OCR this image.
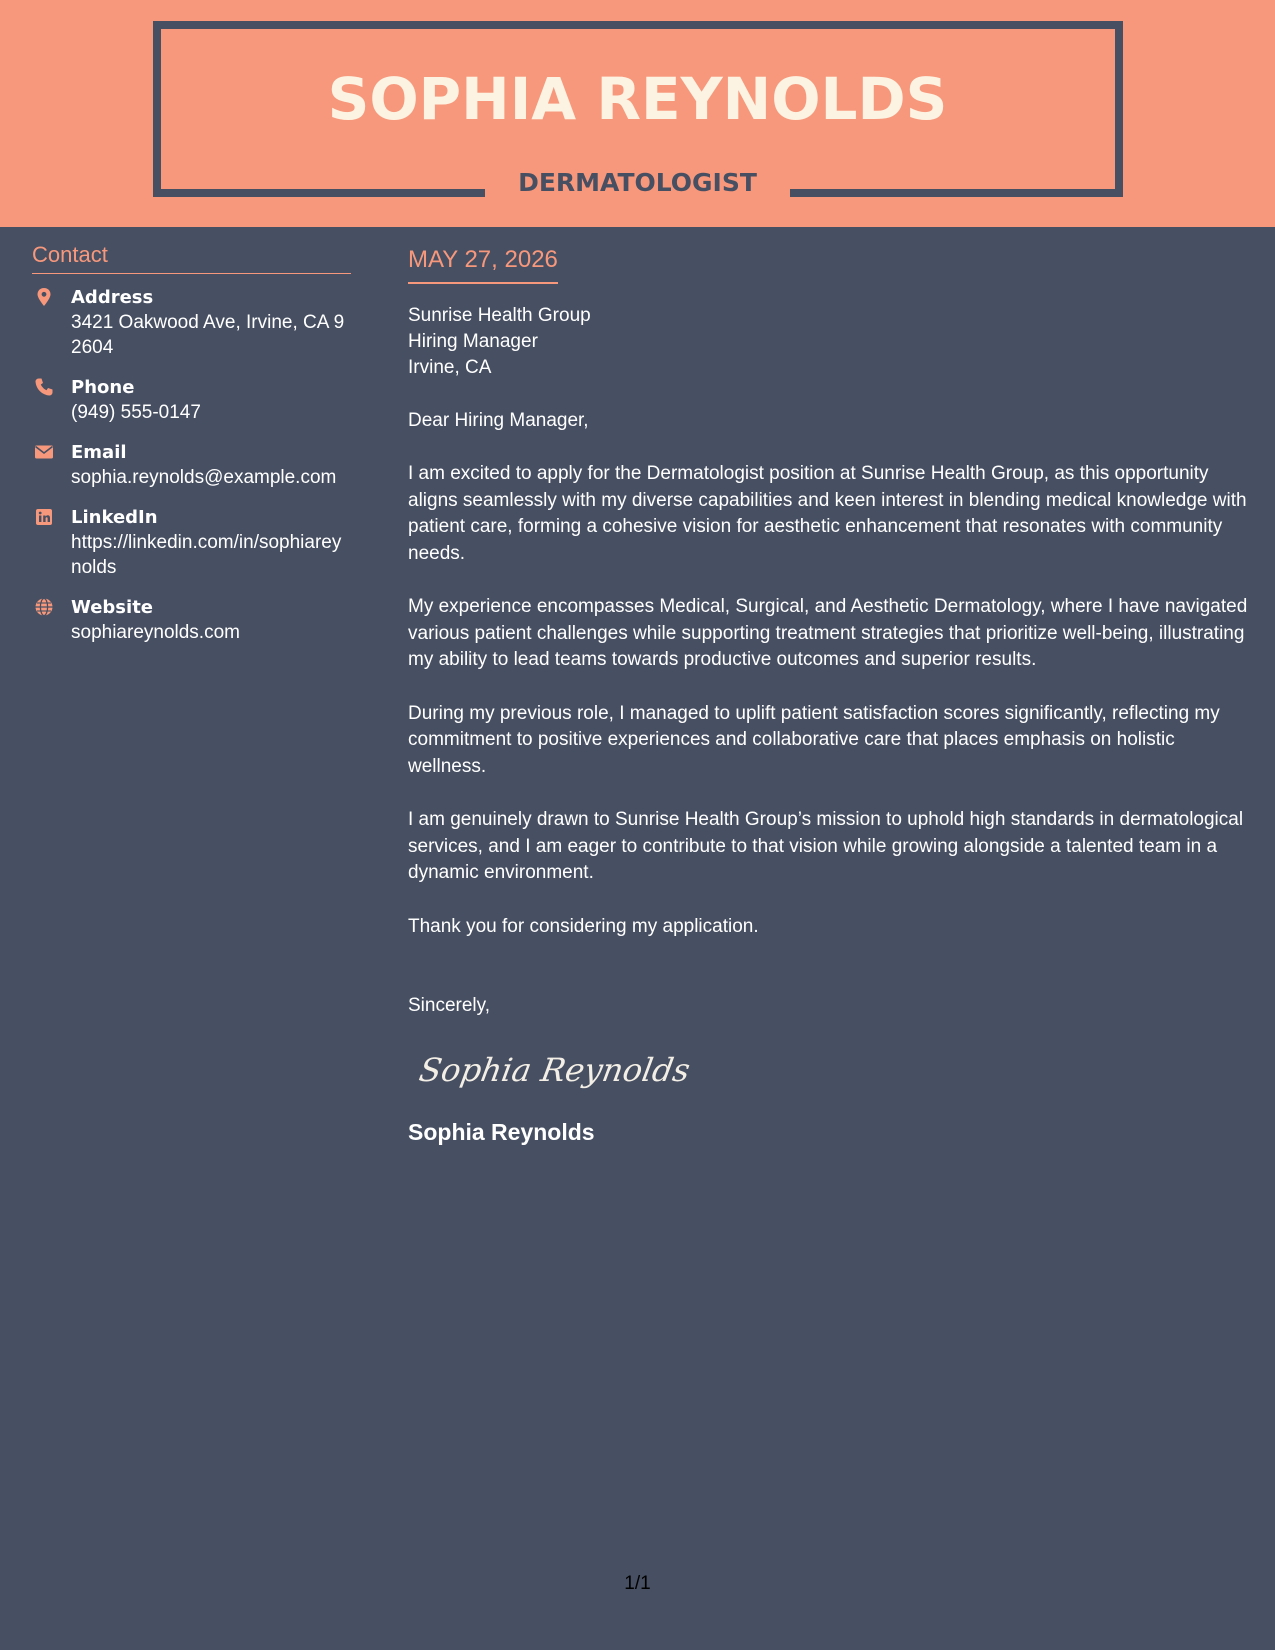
SOPHIA REYNOLDS
DERMATOLOGIST
Contact
Address
3421 Oakwood Ave, Irvine, CA 92604
Phone
(949) 555-0147
Email
sophia.reynolds@example.com
LinkedIn
https://linkedin.com/in/sophiareynolds
Website
sophiareynolds.com
MAY 27, 2026
Sunrise Health Group
Hiring Manager
Irvine, CA
Dear Hiring Manager,
I am excited to apply for the Dermatologist position at Sunrise Health Group, as this opportunity aligns seamlessly with my diverse capabilities and keen interest in blending medical knowledge with patient care, forming a cohesive vision for aesthetic enhancement that resonates with community needs.
My experience encompasses Medical, Surgical, and Aesthetic Dermatology, where I have navigated various patient challenges while supporting treatment strategies that prioritize well-being, illustrating my ability to lead teams towards productive outcomes and superior results.
During my previous role, I managed to uplift patient satisfaction scores significantly, reflecting my commitment to positive experiences and collaborative care that places emphasis on holistic wellness.
I am genuinely drawn to Sunrise Health Group’s mission to uphold high standards in dermatological services, and I am eager to contribute to that vision while growing alongside a talented team in a dynamic environment.
Thank you for considering my application.
Sincerely,
Sophia Reynolds
Sophia Reynolds
1/1
